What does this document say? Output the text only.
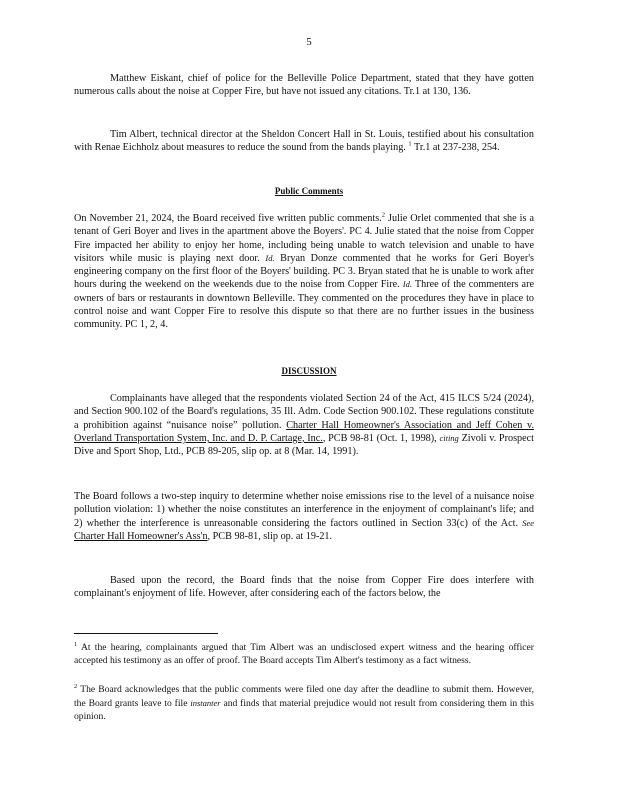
5

Matthew Eiskant, chief of police for the Belleville Police Department, stated that they have gotten numerous calls about the noise at Copper Fire, but have not issued any citations. Tr.1 at 130, 136.

Tim Albert, technical director at the Sheldon Concert Hall in St. Louis, testified about his consultation with Renae Eichholz about measures to reduce the sound from the bands playing. $^1$ Tr.1 at 237-238, 254.

Public Comments

On November 21, 2024, the Board received five written public comments.$^2$ Julie Orlet commented that she is a tenant of Geri Boyer and lives in the apartment above the Boyers'. PC 4. Julie stated that the noise from Copper Fire impacted her ability to enjoy her home, including being unable to watch television and unable to have visitors while music is playing next door. Id. Bryan Donze commented that he works for Geri Boyer's engineering company on the first floor of the Boyers' building. PC 3. Bryan stated that he is unable to work after hours during the weekend on the weekends due to the noise from Copper Fire. Id. Three of the commenters are owners of bars or restaurants in downtown Belleville. They commented on the procedures they have in place to control noise and want Copper Fire to resolve this dispute so that there are no further issues in the business community. PC 1, 2, 4.

DISCUSSION

Complainants have alleged that the respondents violated Section 24 of the Act, 415 ILCS 5/24 (2024), and Section 900.102 of the Board's regulations, 35 Ill. Adm. Code Section 900.102. These regulations constitute a prohibition against “nuisance noise” pollution. Charter Hall Homeowner's Association and Jeff Cohen v. Overland Transportation System, Inc. and D. P. Cartage, Inc., PCB 98-81 (Oct. 1, 1998), citing Zivoli v. Prospect Dive and Sport Shop, Ltd., PCB 89-205, slip op. at 8 (Mar. 14, 1991).

The Board follows a two-step inquiry to determine whether noise emissions rise to the level of a nuisance noise pollution violation: 1) whether the noise constitutes an interference in the enjoyment of complainant's life; and 2) whether the interference is unreasonable considering the factors outlined in Section 33(c) of the Act. See Charter Hall Homeowner's Ass'n, PCB 98-81, slip op. at 19-21.

Based upon the record, the Board finds that the noise from Copper Fire does interfere with complainant's enjoyment of life. However, after considering each of the factors below, the

$^1$ At the hearing, complainants argued that Tim Albert was an undisclosed expert witness and the hearing officer accepted his testimony as an offer of proof. The Board accepts Tim Albert's testimony as a fact witness.

$^2$ The Board acknowledges that the public comments were filed one day after the deadline to submit them. However, the Board grants leave to file instanter and finds that material prejudice would not result from considering them in this opinion.
